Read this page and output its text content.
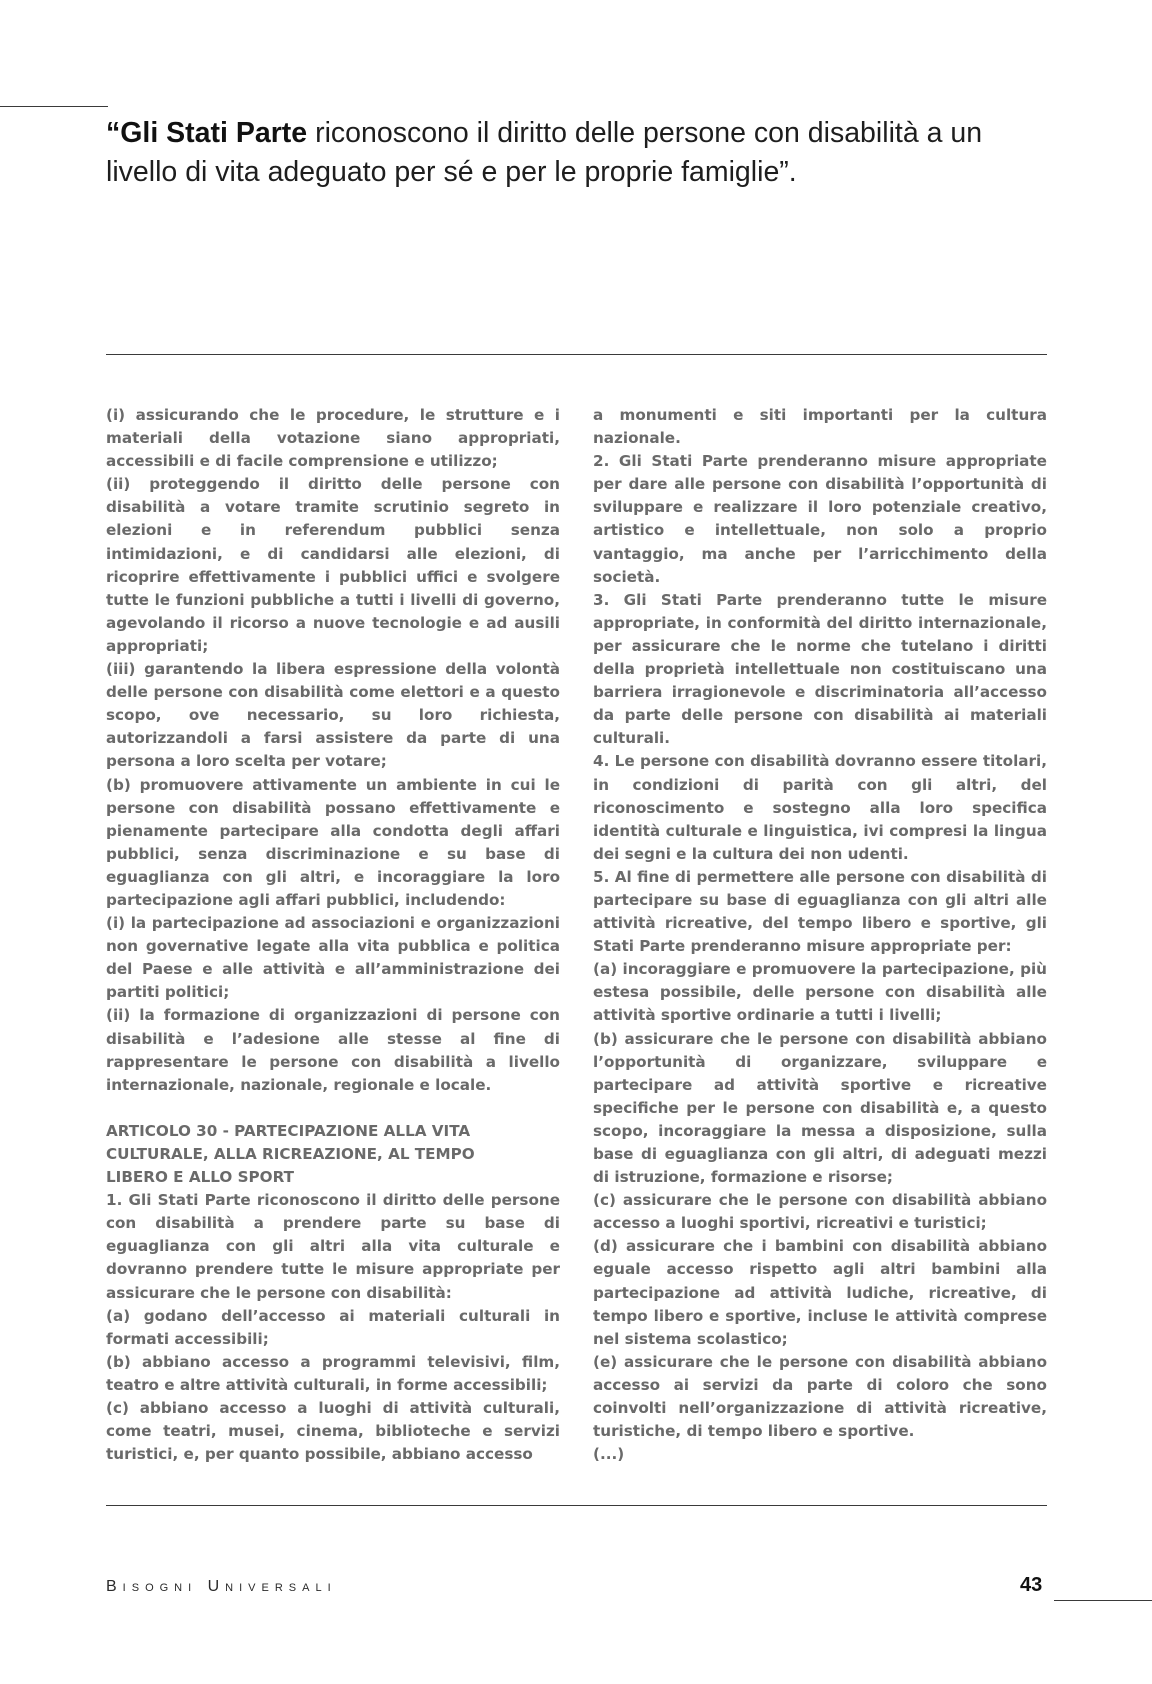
“Gli Stati Parte riconoscono il diritto delle persone con disabilità a un livello di vita adeguato per sé e per le proprie famiglie”.

(i) assicurando che le procedure, le strutture e i materiali della votazione siano appropriati, accessibili e di facile comprensione e utilizzo;

(ii) proteggendo il diritto delle persone con disabilità a votare tramite scrutinio segreto in elezioni e in referendum pubblici senza intimidazioni, e di candidarsi alle elezioni, di ricoprire effettivamente i pubblici uffici e svolgere tutte le funzioni pubbliche a tutti i livelli di governo, agevolando il ricorso a nuove tecnologie e ad ausili appropriati;

(iii) garantendo la libera espressione della volontà delle persone con disabilità come elettori e a questo scopo, ove necessario, su loro richiesta, autorizzandoli a farsi assistere da parte di una persona a loro scelta per votare;

(b) promuovere attivamente un ambiente in cui le persone con disabilità possano effettivamente e pienamente partecipare alla condotta degli affari pubblici, senza discriminazione e su base di eguaglianza con gli altri, e incoraggiare la loro partecipazione agli affari pubblici, includendo:

(i) la partecipazione ad associazioni e organizzazioni non governative legate alla vita pubblica e politica del Paese e alle attività e all’amministrazione dei partiti politici;

(ii) la formazione di organizzazioni di persone con disabilità e l’adesione alle stesse al fine di rappresentare le persone con disabilità a livello internazionale, nazionale, regionale e locale.

ARTICOLO 30 - PARTECIPAZIONE ALLA VITA

CULTURALE, ALLA RICREAZIONE, AL TEMPO

LIBERO E ALLO SPORT

1. Gli Stati Parte riconoscono il diritto delle persone con disabilità a prendere parte su base di eguaglianza con gli altri alla vita culturale e dovranno prendere tutte le misure appropriate per assicurare che le persone con disabilità:

(a) godano dell’accesso ai materiali culturali in formati accessibili;

(b) abbiano accesso a programmi televisivi, film, teatro e altre attività culturali, in forme accessibili;

(c) abbiano accesso a luoghi di attività culturali, come teatri, musei, cinema, biblioteche e servizi turistici, e, per quanto possibile, abbiano accesso

a monumenti e siti importanti per la cultura nazionale.

2. Gli Stati Parte prenderanno misure appropriate per dare alle persone con disabilità l’opportunità di sviluppare e realizzare il loro potenziale creativo, artistico e intellettuale, non solo a proprio vantaggio, ma anche per l’arricchimento della società.

3. Gli Stati Parte prenderanno tutte le misure appropriate, in conformità del diritto internazionale, per assicurare che le norme che tutelano i diritti della proprietà intellettuale non costituiscano una barriera irragionevole e discriminatoria all’accesso da parte delle persone con disabilità ai materiali culturali.

4. Le persone con disabilità dovranno essere titolari, in condizioni di parità con gli altri, del riconoscimento e sostegno alla loro specifica identità culturale e linguistica, ivi compresi la lingua dei segni e la cultura dei non udenti.

5. Al fine di permettere alle persone con disabilità di partecipare su base di eguaglianza con gli altri alle attività ricreative, del tempo libero e sportive, gli Stati Parte prenderanno misure appropriate per:

(a) incoraggiare e promuovere la partecipazione, più estesa possibile, delle persone con disabilità alle attività sportive ordinarie a tutti i livelli;

(b) assicurare che le persone con disabilità abbiano l’opportunità di organizzare, sviluppare e partecipare ad attività sportive e ricreative specifiche per le persone con disabilità e, a questo scopo, incoraggiare la messa a disposizione, sulla base di eguaglianza con gli altri, di adeguati mezzi di istruzione, formazione e risorse;

(c) assicurare che le persone con disabilità abbiano accesso a luoghi sportivi, ricreativi e turistici;

(d) assicurare che i bambini con disabilità abbiano eguale accesso rispetto agli altri bambini alla partecipazione ad attività ludiche, ricreative, di tempo libero e sportive, incluse le attività comprese nel sistema scolastico;

(e) assicurare che le persone con disabilità abbiano accesso ai servizi da parte di coloro che sono coinvolti nell’organizzazione di attività ricreative, turistiche, di tempo libero e sportive.

(...)

Bisogni Universali	43
